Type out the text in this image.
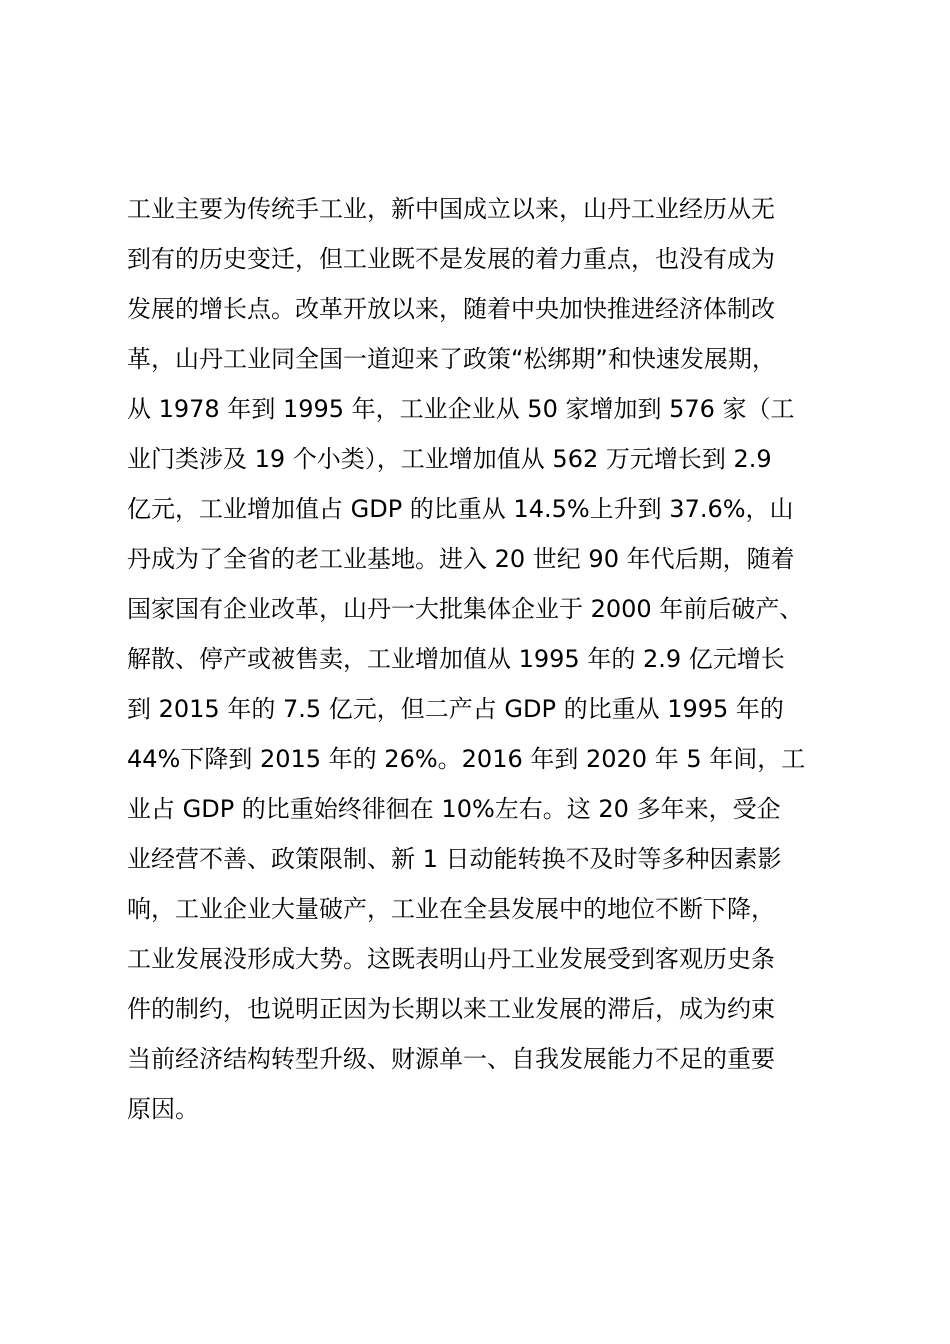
工业主要为传统手工业，新中国成立以来，山丹工业经历从无
到有的历史变迁，但工业既不是发展的着力重点，也没有成为
发展的增长点。改革开放以来，随着中央加快推进经济体制改
革，山丹工业同全国一道迎来了政策“松绑期”和快速发展期，
从 1978 年到 1995 年，工业企业从 50 家增加到 576 家（工
业门类涉及 19 个小类），工业增加值从 562 万元增长到 2.9
亿元，工业增加值占 GDP 的比重从 14.5%上升到 37.6%，山
丹成为了全省的老工业基地。进入 20 世纪 90 年代后期，随着
国家国有企业改革，山丹一大批集体企业于 2000 年前后破产、
解散、停产或被售卖，工业增加值从 1995 年的 2.9 亿元增长
到 2015 年的 7.5 亿元，但二产占 GDP 的比重从 1995 年的
44%下降到 2015 年的 26%。2016 年到 2020 年 5 年间，工
业占 GDP 的比重始终徘徊在 10%左右。这 20 多年来，受企
业经营不善、政策限制、新 1 日动能转换不及时等多种因素影
响，工业企业大量破产，工业在全县发展中的地位不断下降，
工业发展没形成大势。这既表明山丹工业发展受到客观历史条
件的制约，也说明正因为长期以来工业发展的滞后，成为约束
当前经济结构转型升级、财源单一、自我发展能力不足的重要
原因。
